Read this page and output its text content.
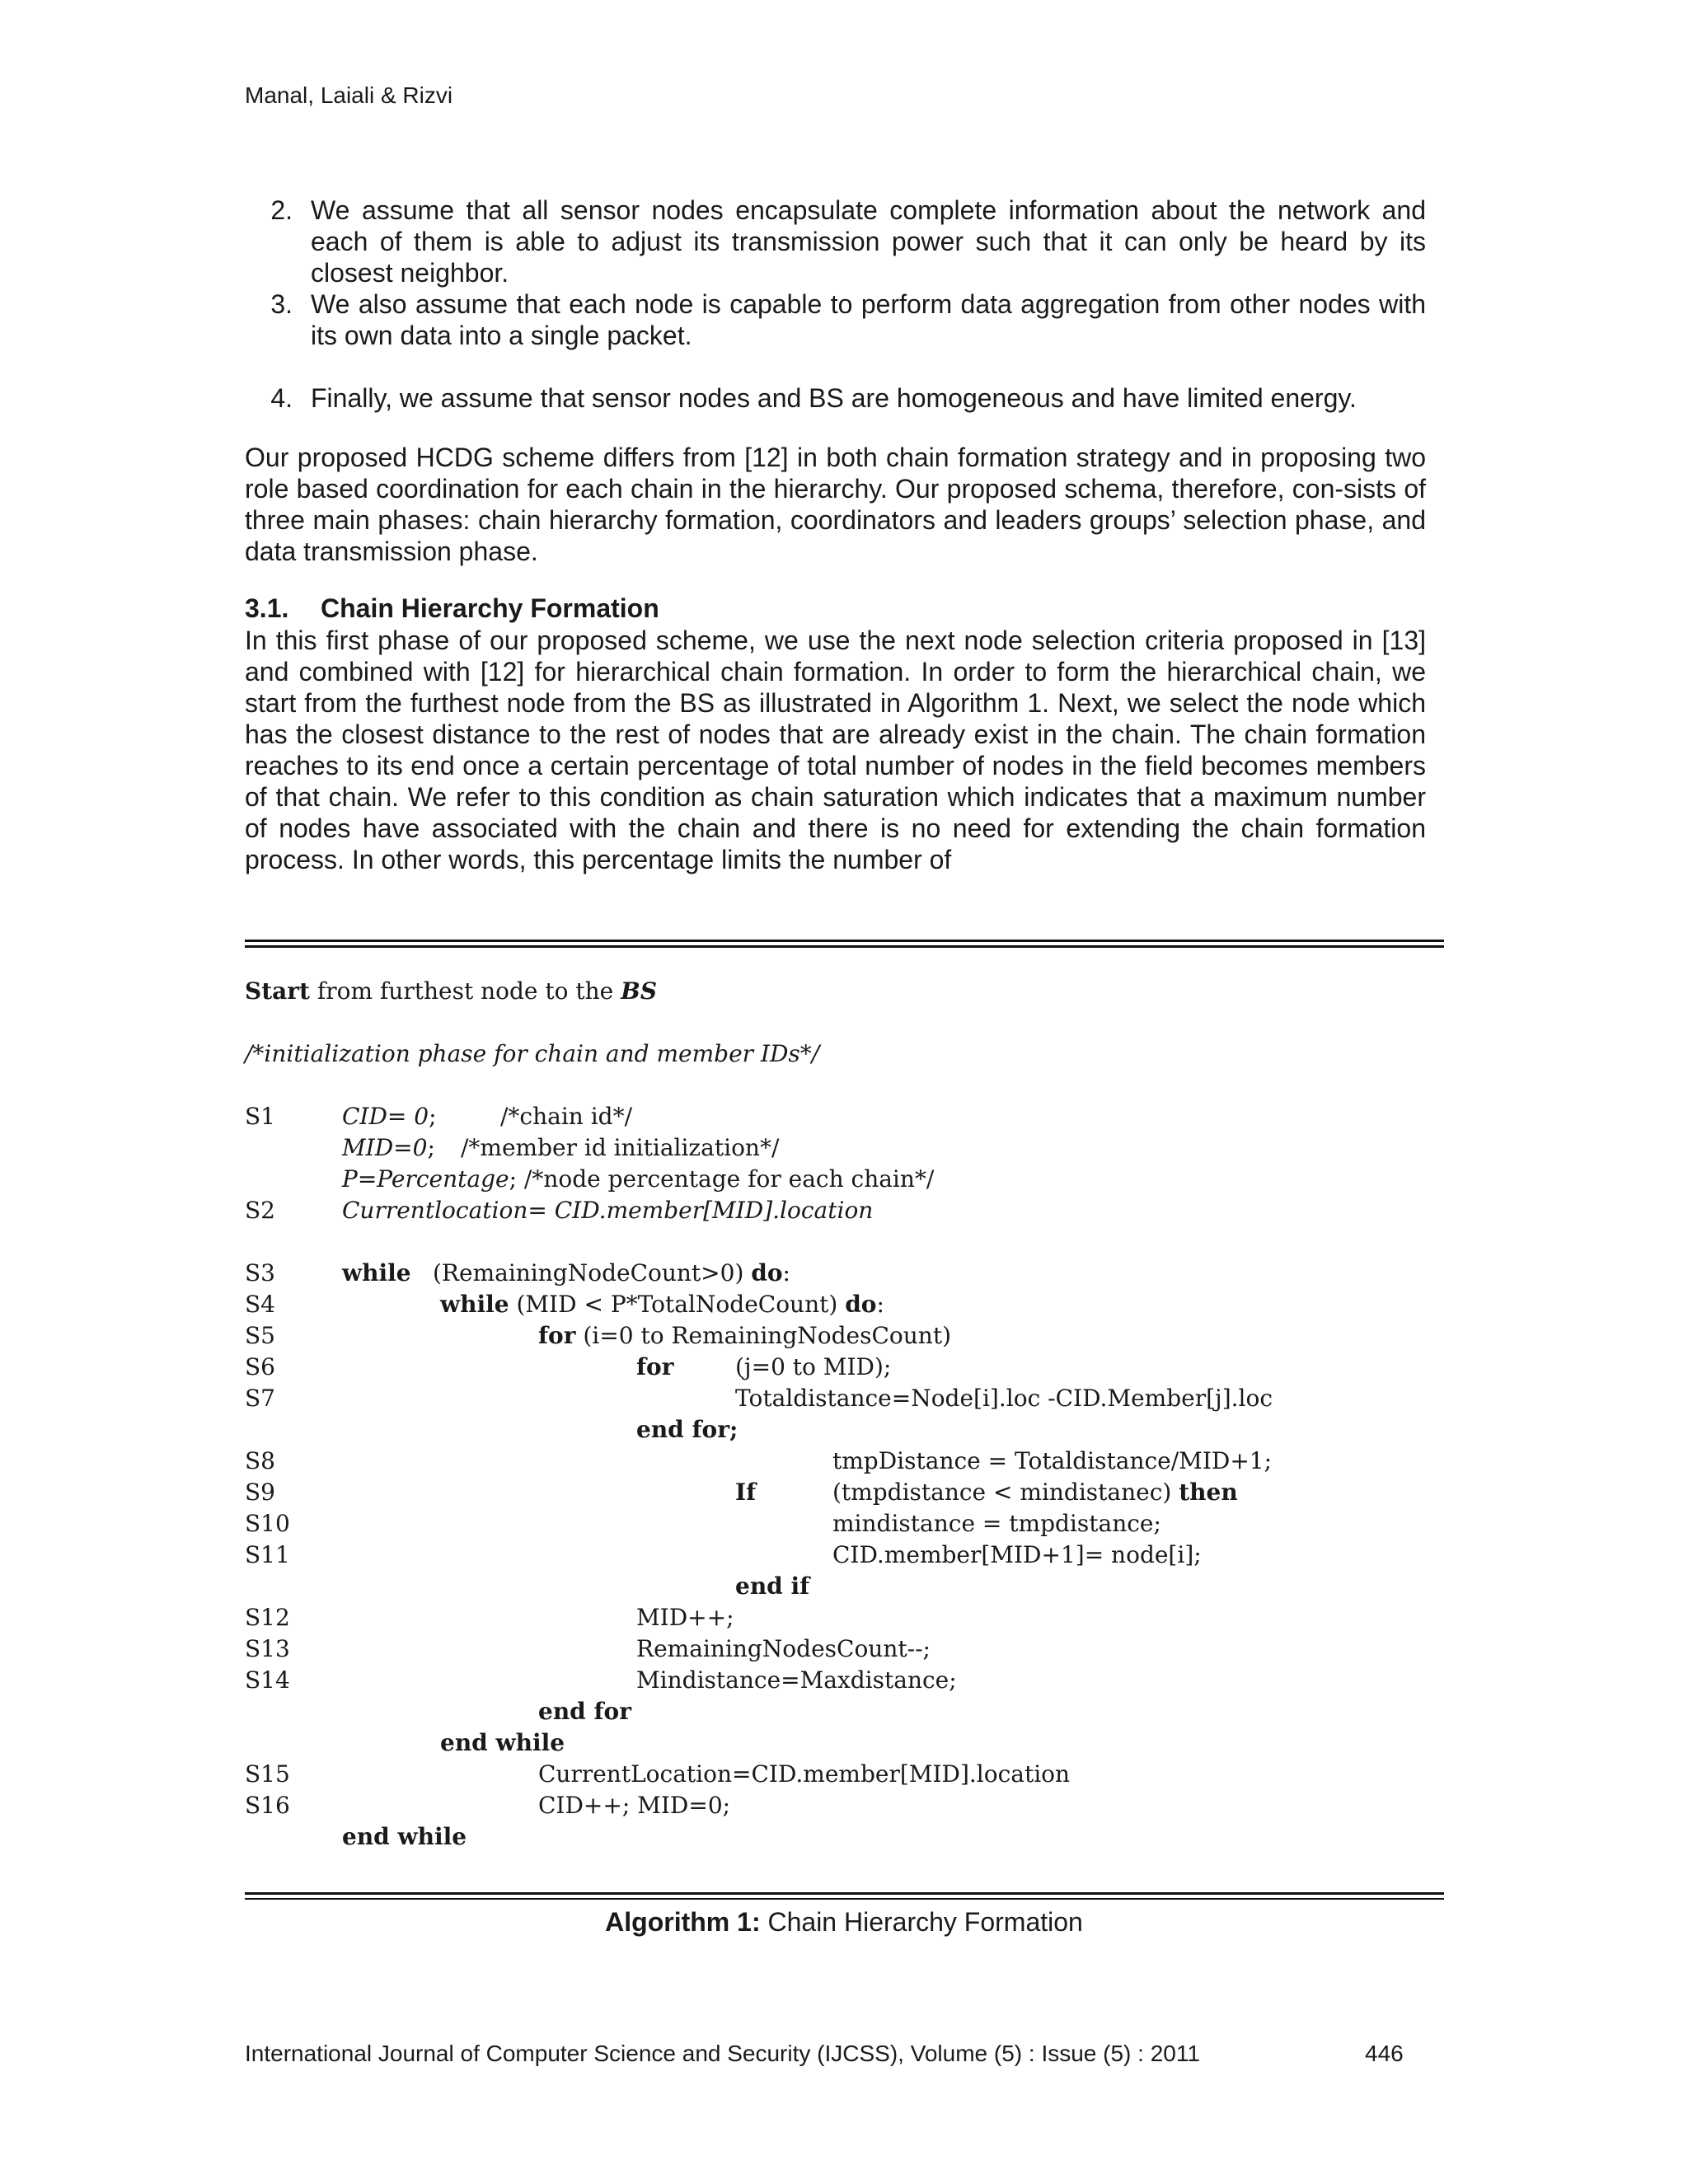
Manal, Laiali & Rizvi
2. We assume that all sensor nodes encapsulate complete information about the network and each of them is able to adjust its transmission power such that it can only be heard by its closest neighbor.
3. We also assume that each node is capable to perform data aggregation from other nodes with its own data into a single packet.
4. Finally, we assume that sensor nodes and BS are homogeneous and have limited energy.
Our proposed HCDG scheme differs from [12] in both chain formation strategy and in proposing two role based coordination for each chain in the hierarchy. Our proposed schema, therefore, con-sists of three main phases: chain hierarchy formation, coordinators and leaders groups’ selection phase, and data transmission phase.
3.1. Chain Hierarchy Formation
In this first phase of our proposed scheme, we use the next node selection criteria proposed in [13] and combined with [12] for hierarchical chain formation. In order to form the hierarchical chain, we start from the furthest node from the BS as illustrated in Algorithm 1. Next, we select the node which has the closest distance to the rest of nodes that are already exist in the chain. The chain formation reaches to its end once a certain percentage of total number of nodes in the field becomes members of that chain. We refer to this condition as chain saturation which indicates that a maximum number of nodes have associated with the chain and there is no need for extending the chain formation process. In other words, this percentage limits the number of
Start from furthest node to the BS
/*initialization phase for chain and member IDs*/
S1	CID= 0;	/*chain id*/
MID=0; /*member id initialization*/
P=Percentage; /*node percentage for each chain*/
S2	Currentlocation= CID.member[MID].location
S3	while (RemainingNodeCount>0) do:
S4	while (MID < P*TotalNodeCount) do:
S5	for (i=0 to RemainingNodesCount)
S6	for	(j=0 to MID);
S7	Totaldistance=Node[i].loc -CID.Member[j].loc
end for;
S8	tmpDistance = Totaldistance/MID+1;
S9	If	(tmpdistance < mindistanec) then
S10	mindistance = tmpdistance;
S11	CID.member[MID+1]= node[i];
end if
S12	MID++;
S13	RemainingNodesCount--;
S14	Mindistance=Maxdistance;
end for
end while
S15	CurrentLocation=CID.member[MID].location
S16	CID++; MID=0;
end while
Algorithm 1: Chain Hierarchy Formation
International Journal of Computer Science and Security (IJCSS), Volume (5) : Issue (5) : 2011	446
